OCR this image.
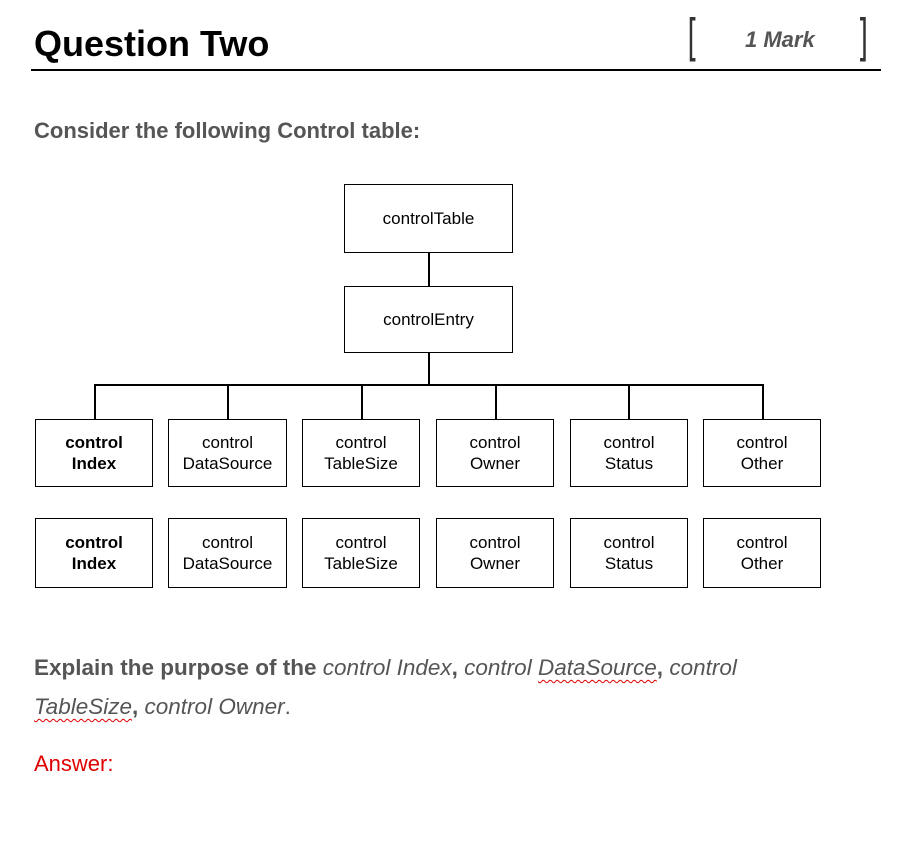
Question Two	[ 1 Mark ]
Consider the following Control table:
controlTable
controlEntry
control
Index
control
DataSource
control
TableSize
control
Owner
control
Status
control
Other
control
Index
control
DataSource
control
TableSize
control
Owner
control
Status
control
Other
Explain the purpose of the control Index, control DataSource, control TableSize, control Owner.
Answer:
